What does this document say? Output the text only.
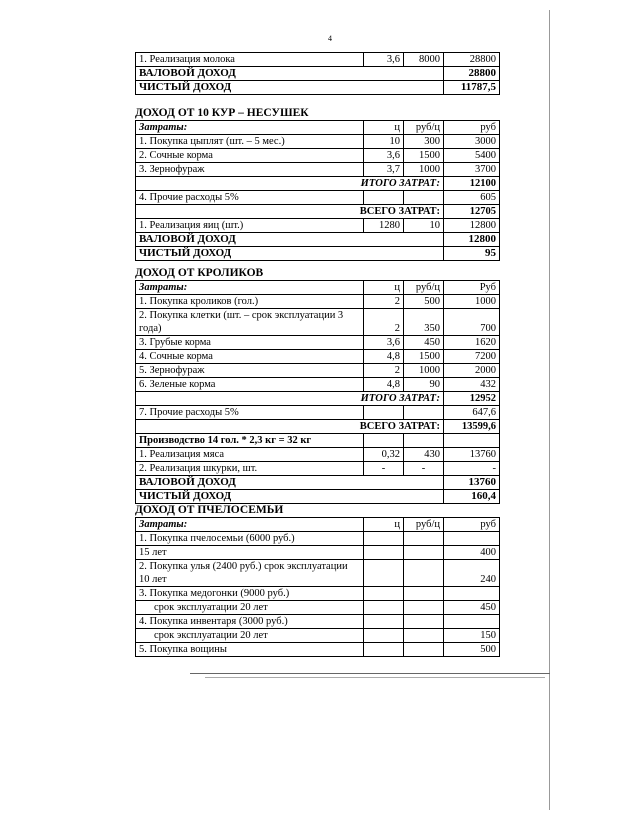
4
1. Реализация молока	3,6	8000	28800
ВАЛОВОЙ ДОХОД			28800
ЧИСТЫЙ ДОХОД			11787,5
ДОХОД ОТ 10 КУР – НЕСУШЕК
Затраты:	ц	руб/ц	руб
1. Покупка цыплят (шт. – 5 мес.)	10	300	3000
2. Сочные корма	3,6	1500	5400
3. Зернофураж	3,7	1000	3700
ИТОГО ЗАТРАТ:			12100
4. Прочие расходы 5%			605
ВСЕГО ЗАТРАТ:			12705
1. Реализация яиц (шт.)	1280	10	12800
ВАЛОВОЙ ДОХОД			12800
ЧИСТЫЙ ДОХОД			95
ДОХОД ОТ КРОЛИКОВ
Затраты:	ц	руб/ц	Руб
1. Покупка кроликов (гол.)	2	500	1000
2. Покупка клетки (шт. – срок эксплуатации 3 года)	2	350	700
3. Грубые корма	3,6	450	1620
4. Сочные корма	4,8	1500	7200
5. Зернофураж	2	1000	2000
6. Зеленые корма	4,8	90	432
ИТОГО ЗАТРАТ:			12952
7. Прочие расходы 5%			647,6
ВСЕГО ЗАТРАТ:			13599,6
Производство 14 гол. * 2,3 кг = 32 кг			
1. Реализация мяса	0,32	430	13760
2. Реализация шкурки, шт.	-	-	-
ВАЛОВОЙ ДОХОД			13760
ЧИСТЫЙ ДОХОД			160,4
ДОХОД ОТ ПЧЕЛОСЕМЬИ
Затраты:	ц	руб/ц	руб
1. Покупка пчелосемьи (6000 руб.)			
15 лет			400
2. Покупка улья (2400 руб.) срок эксплуатации 10 лет			240
3. Покупка медогонки (9000 руб.)			
срок эксплуатации 20 лет			450
4. Покупка инвентаря (3000 руб.)			
срок эксплуатации 20 лет			150
5. Покупка вощины			500
